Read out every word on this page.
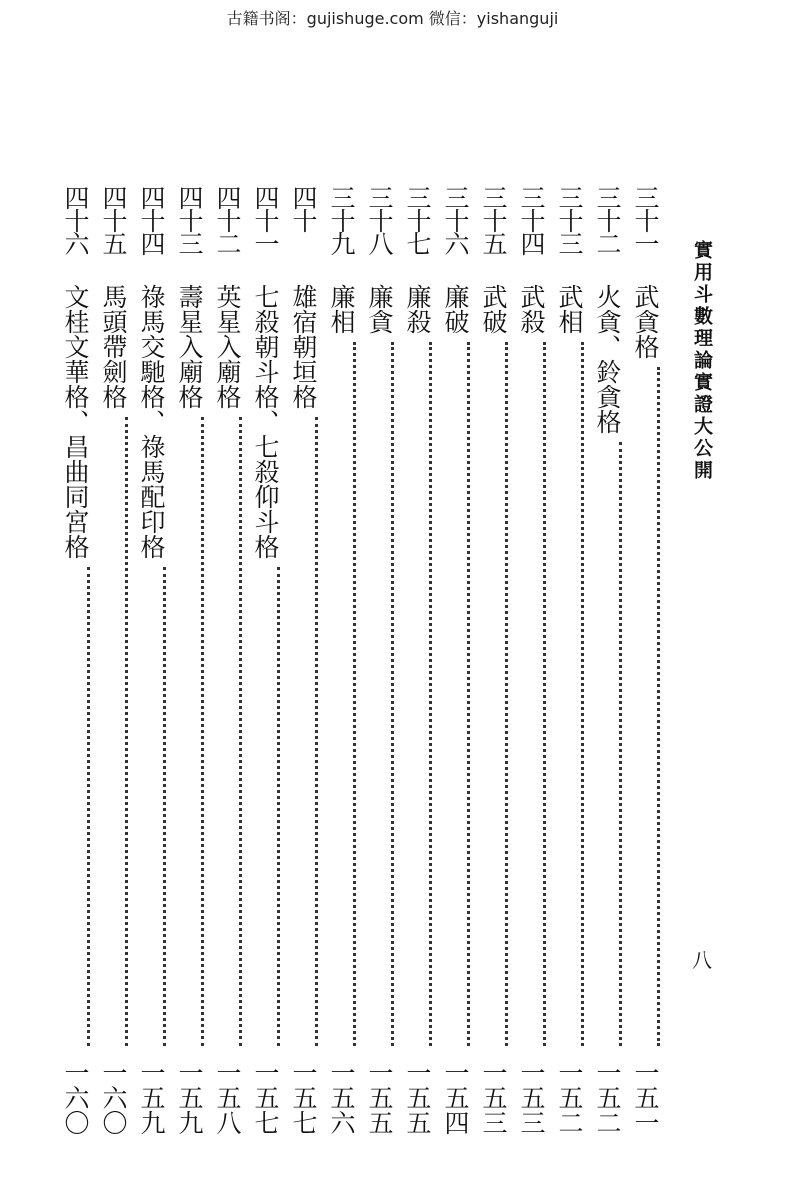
古籍书阁：gujishuge.com 微信：yishanguji
實用斗數理論實證大公開
八
三十一
武貪格
一五一
三十二
火貪、鈴貪格
一五二
三十三
武相
一五二
三十四
武殺
一五三
三十五
武破
一五三
三十六
廉破
一五四
三十七
廉殺
一五五
三十八
廉貪
一五五
三十九
廉相
一五六
四十
雄宿朝垣格
一五七
四十一
七殺朝斗格、七殺仰斗格
一五七
四十二
英星入廟格
一五八
四十三
壽星入廟格
一五九
四十四
祿馬交馳格、祿馬配印格
一五九
四十五
馬頭帶劍格
一六〇
四十六
文桂文華格、昌曲同宮格
一六〇
